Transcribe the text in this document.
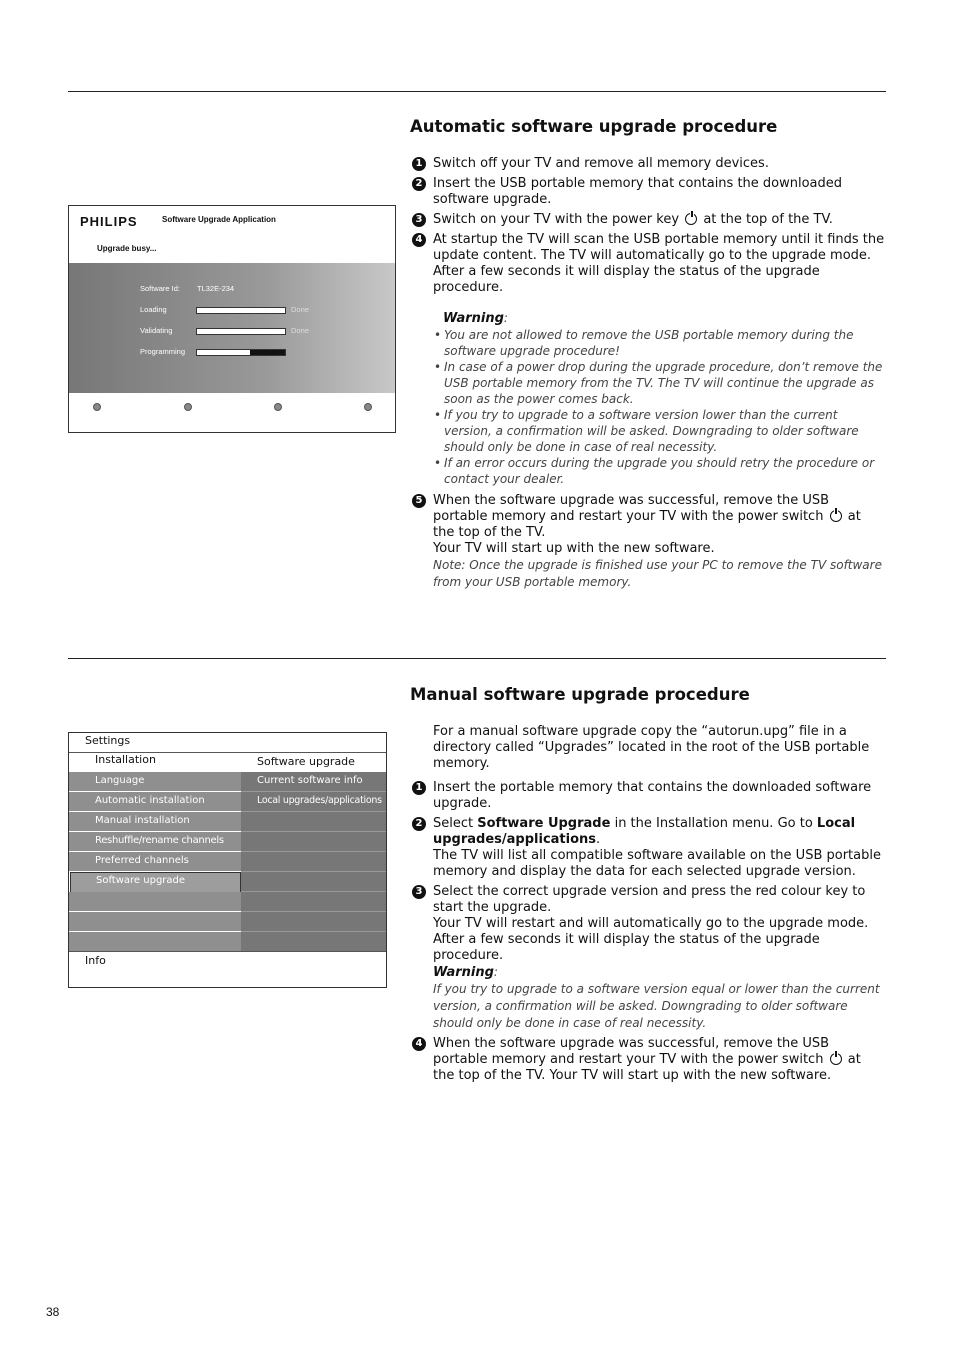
Automatic software upgrade procedure
1 Switch off your TV and remove all memory devices.
2 Insert the USB portable memory that contains the downloaded software upgrade.
3 Switch on your TV with the power key at the top of the TV.
4 At startup the TV will scan the USB portable memory until it finds the update content. The TV will automatically go to the upgrade mode. After a few seconds it will display the status of the upgrade procedure.
Warning:
• You are not allowed to remove the USB portable memory during the software upgrade procedure!
• In case of a power drop during the upgrade procedure, don’t remove the USB portable memory from the TV. The TV will continue the upgrade as soon as the power comes back.
• If you try to upgrade to a software version lower than the current version, a confirmation will be asked. Downgrading to older software should only be done in case of real necessity.
• If an error occurs during the upgrade you should retry the procedure or contact your dealer.
5 When the software upgrade was successful, remove the USB portable memory and restart your TV with the power switch at the top of the TV.
Your TV will start up with the new software.
Note: Once the upgrade is finished use your PC to remove the TV software from your USB portable memory.
PHILIPS	Software Upgrade Application
Upgrade busy...
Software Id: TL32E-234
Loading	Done
Validating	Done
Programming
Manual software upgrade procedure
For a manual software upgrade copy the “autorun.upg” file in a directory called “Upgrades” located in the root of the USB portable memory.
1 Insert the portable memory that contains the downloaded software upgrade.
2 Select Software Upgrade in the Installation menu. Go to Local upgrades/applications.
The TV will list all compatible software available on the USB portable memory and display the data for each selected upgrade version.
3 Select the correct upgrade version and press the red colour key to start the upgrade.
Your TV will restart and will automatically go to the upgrade mode. After a few seconds it will display the status of the upgrade procedure.
Warning:
If you try to upgrade to a software version equal or lower than the current version, a confirmation will be asked. Downgrading to older software should only be done in case of real necessity.
4 When the software upgrade was successful, remove the USB portable memory and restart your TV with the power switch at the top of the TV. Your TV will start up with the new software.
Settings
Installation	Software upgrade
Language
Automatic installation
Manual installation
Reshuffle/rename channels
Preferred channels
Software upgrade
Current software info
Local upgrades/applications
Info
38
